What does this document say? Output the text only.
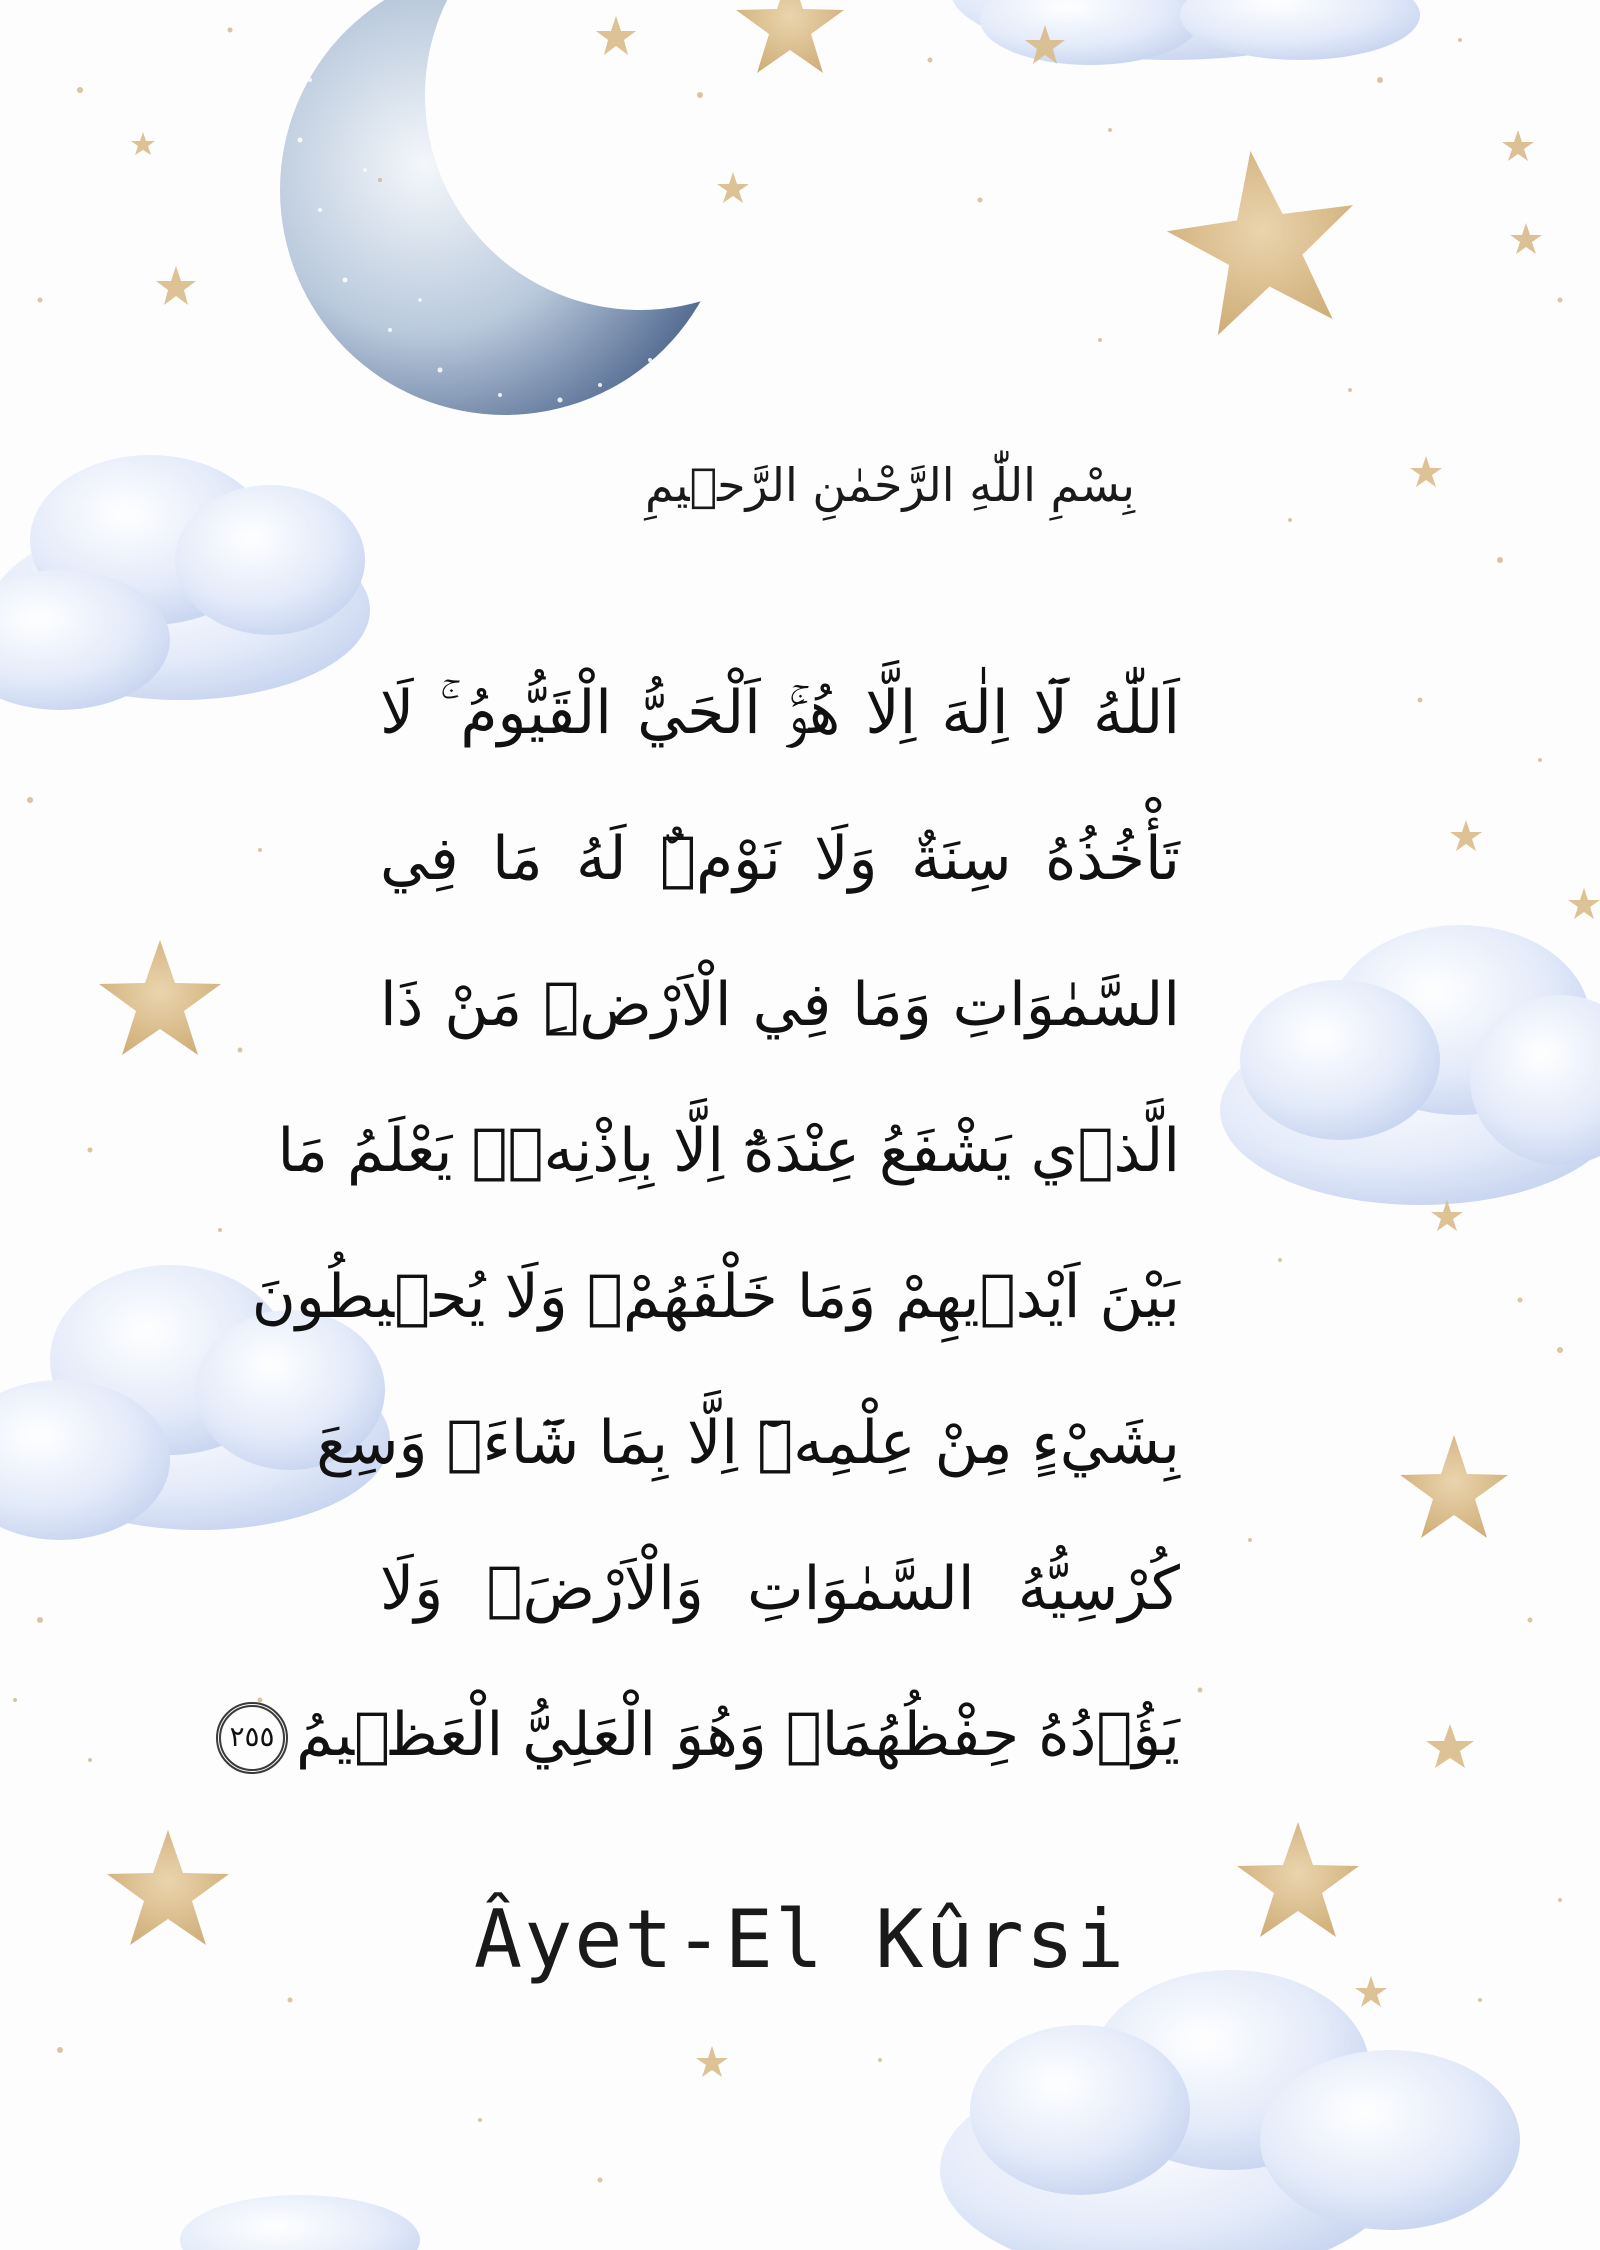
بِسْمِ اللّٰهِ الرَّحْمٰنِ الرَّح۪يمِ
اَللّٰهُ لَٓا اِلٰهَ اِلَّا هُوَۚ اَلْحَيُّ الْقَيُّومُ ۚ لَا
تَأْخُذُهُ سِنَةٌ وَلَا نَوْمٌۜ لَهُ مَا فِي
السَّمٰوَاتِ وَمَا فِي الْاَرْضِۜ مَنْ ذَا
الَّذ۪ي يَشْفَعُ عِنْدَهُٓ اِلَّا بِاِذْنِه۪ۜ يَعْلَمُ مَا
بَيْنَ اَيْد۪يهِمْ وَمَا خَلْفَهُمْۚ وَلَا يُح۪يطُونَ
بِشَيْءٍ مِنْ عِلْمِه۪ٓ اِلَّا بِمَا شَٓاءَۚ وَسِعَ
كُرْسِيُّهُ السَّمٰوَاتِ وَالْاَرْضَۚ وَلَا
يَؤُ۫دُهُ حِفْظُهُمَاۚ وَهُوَ الْعَلِيُّ الْعَظ۪يمُ٢٥٥
Âyet-El Kûrsi
